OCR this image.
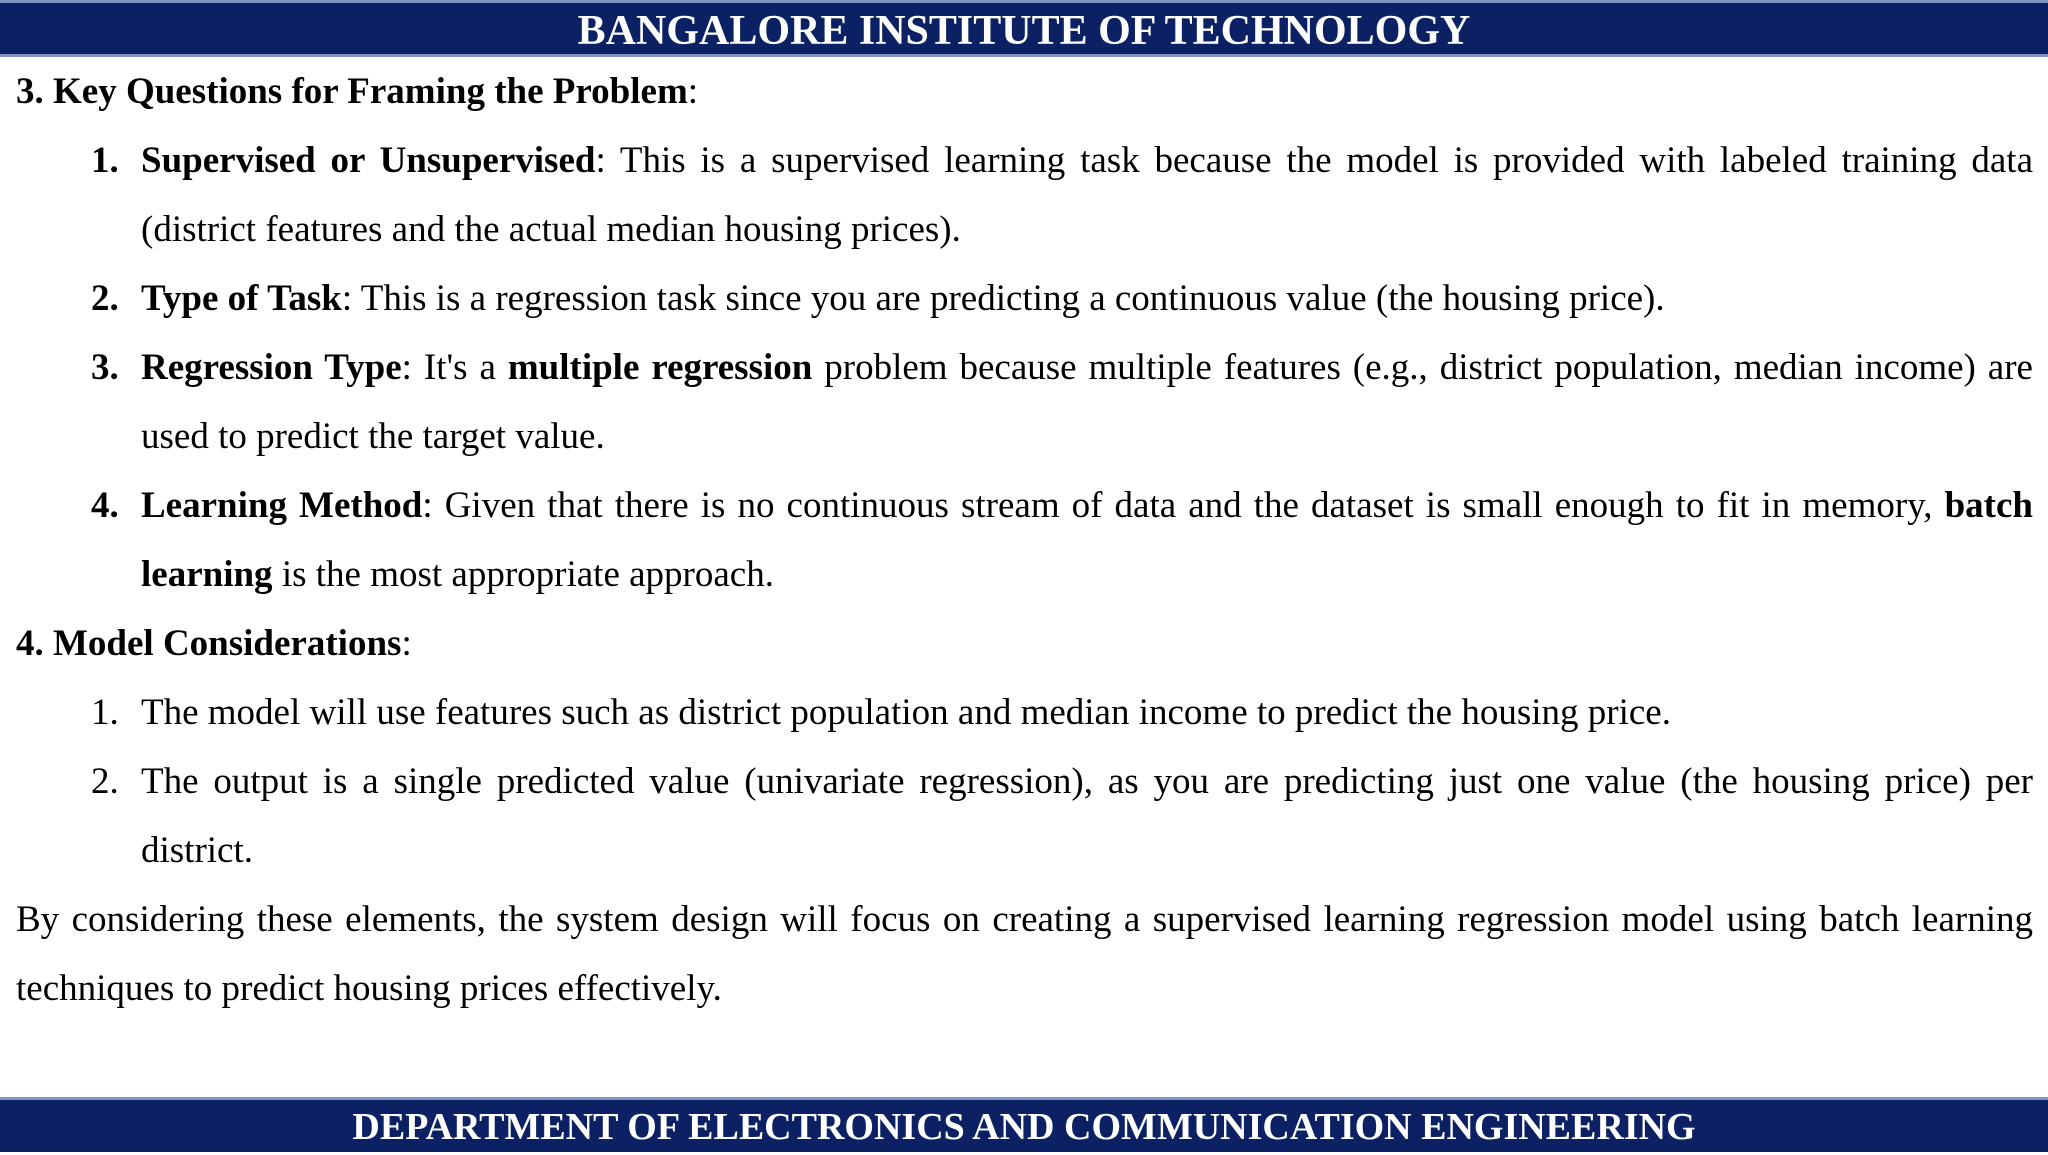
BANGALORE INSTITUTE OF TECHNOLOGY

3. Key Questions for Framing the Problem:

1. Supervised or Unsupervised: This is a supervised learning task because the model is provided with labeled training data (district features and the actual median housing prices).
2. Type of Task: This is a regression task since you are predicting a continuous value (the housing price).
3. Regression Type: It's a multiple regression problem because multiple features (e.g., district population, median income) are used to predict the target value.
4. Learning Method: Given that there is no continuous stream of data and the dataset is small enough to fit in memory, batch learning is the most appropriate approach.

4. Model Considerations:

1. The model will use features such as district population and median income to predict the housing price.
2. The output is a single predicted value (univariate regression), as you are predicting just one value (the housing price) per district.

By considering these elements, the system design will focus on creating a supervised learning regression model using batch learning techniques to predict housing prices effectively.

DEPARTMENT OF ELECTRONICS AND COMMUNICATION ENGINEERING
